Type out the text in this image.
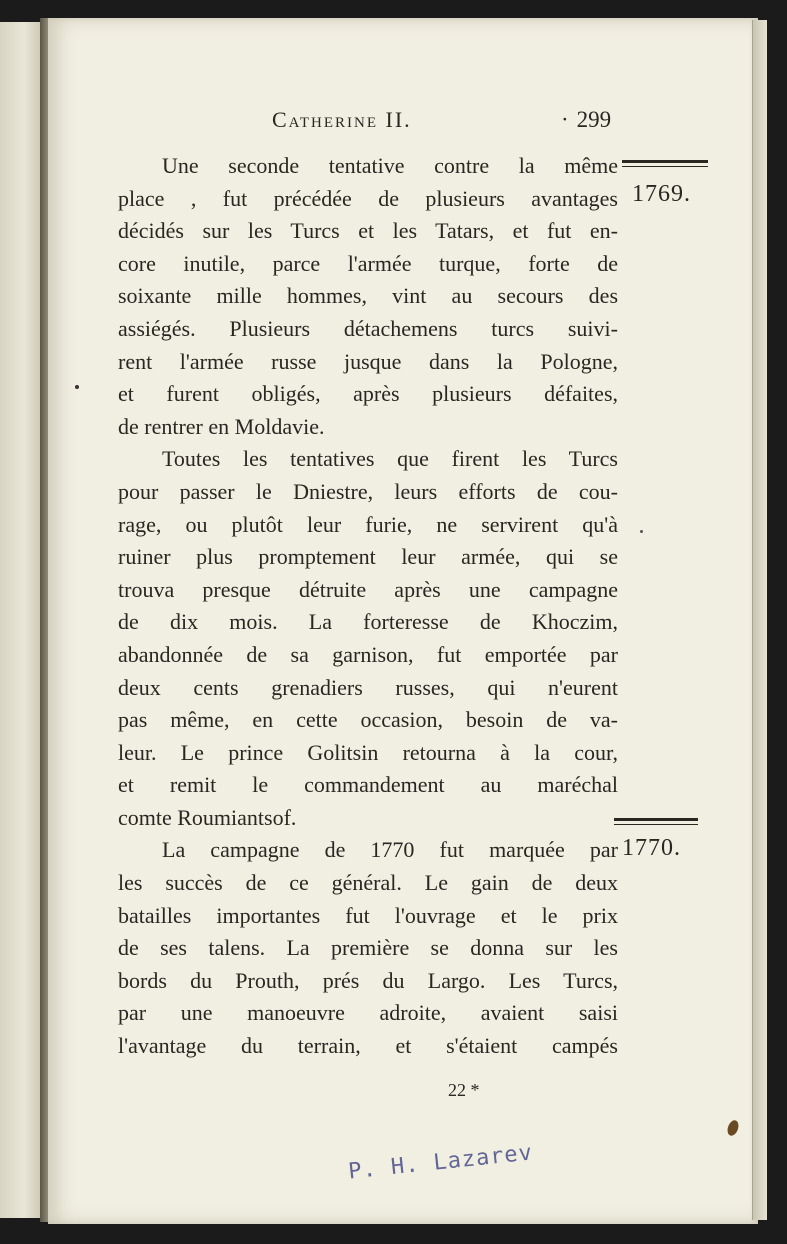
Catherine II.	· 299
Une seconde tentative contre la même
place , fut précédée de plusieurs avantages
décidés sur les Turcs et les Tatars, et fut en-
core inutile, parce l'armée turque, forte de
soixante mille hommes, vint au secours des
assiégés. Plusieurs détachemens turcs suivi-
rent l'armée russe jusque dans la Pologne,
et furent obligés, après plusieurs défaites,
de rentrer en Moldavie.
Toutes les tentatives que firent les Turcs
pour passer le Dniestre, leurs efforts de cou-
rage, ou plutôt leur furie, ne servirent qu'à
ruiner plus promptement leur armée, qui se
trouva presque détruite après une campagne
de dix mois. La forteresse de Khoczim,
abandonnée de sa garnison, fut emportée par
deux cents grenadiers russes, qui n'eurent
pas même, en cette occasion, besoin de va-
leur. Le prince Golitsin retourna à la cour,
et remit le commandement au maréchal
comte Roumiantsof.
La campagne de 1770 fut marquée par
les succès de ce général. Le gain de deux
batailles importantes fut l'ouvrage et le prix
de ses talens. La première se donna sur les
bords du Prouth, prés du Largo. Les Turcs,
par une manoeuvre adroite, avaient saisi
l'avantage du terrain, et s'étaient campés
1769.
1770.
22 *
P. H. Lazarev
